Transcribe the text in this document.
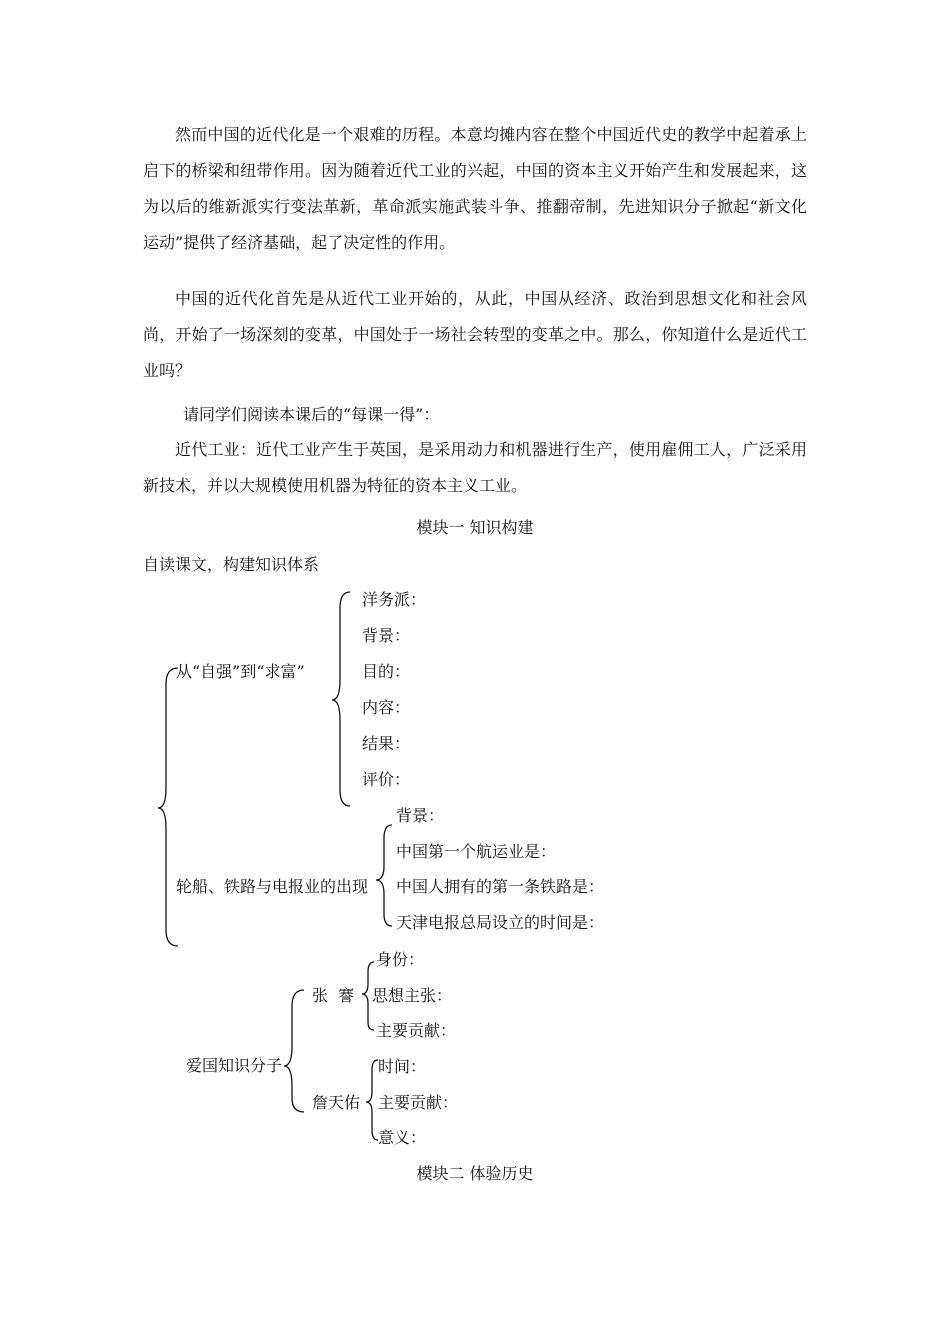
然而中国的近代化是一个艰难的历程。本意均摊内容在整个中国近代史的教学中起着承上启下的桥梁和纽带作用。因为随着近代工业的兴起，中国的资本主义开始产生和发展起来，这为以后的维新派实行变法革新，革命派实施武装斗争、推翻帝制，先进知识分子掀起“新文化运动”提供了经济基础，起了决定性的作用。

中国的近代化首先是从近代工业开始的，从此，中国从经济、政治到思想文化和社会风尚，开始了一场深刻的变革，中国处于一场社会转型的变革之中。那么，你知道什么是近代工业吗？

请同学们阅读本课后的“每课一得”：

近代工业：近代工业产生于英国，是采用动力和机器进行生产，使用雇佣工人，广泛采用新技术，并以大规模使用机器为特征的资本主义工业。

模块一 知识构建
自读课文，构建知识体系
从“自强”到“求富”
洋务派：
背景：
目的：
内容：
结果：
评价：
轮船、铁路与电报业的出现
背景：
中国第一个航运业是：
中国人拥有的第一条铁路是：
天津电报总局设立的时间是：
爱国知识分子
张  謇
身份：
思想主张：
主要贡献：
詹天佑
时间：
主要贡献：
意义：
模块二 体验历史
